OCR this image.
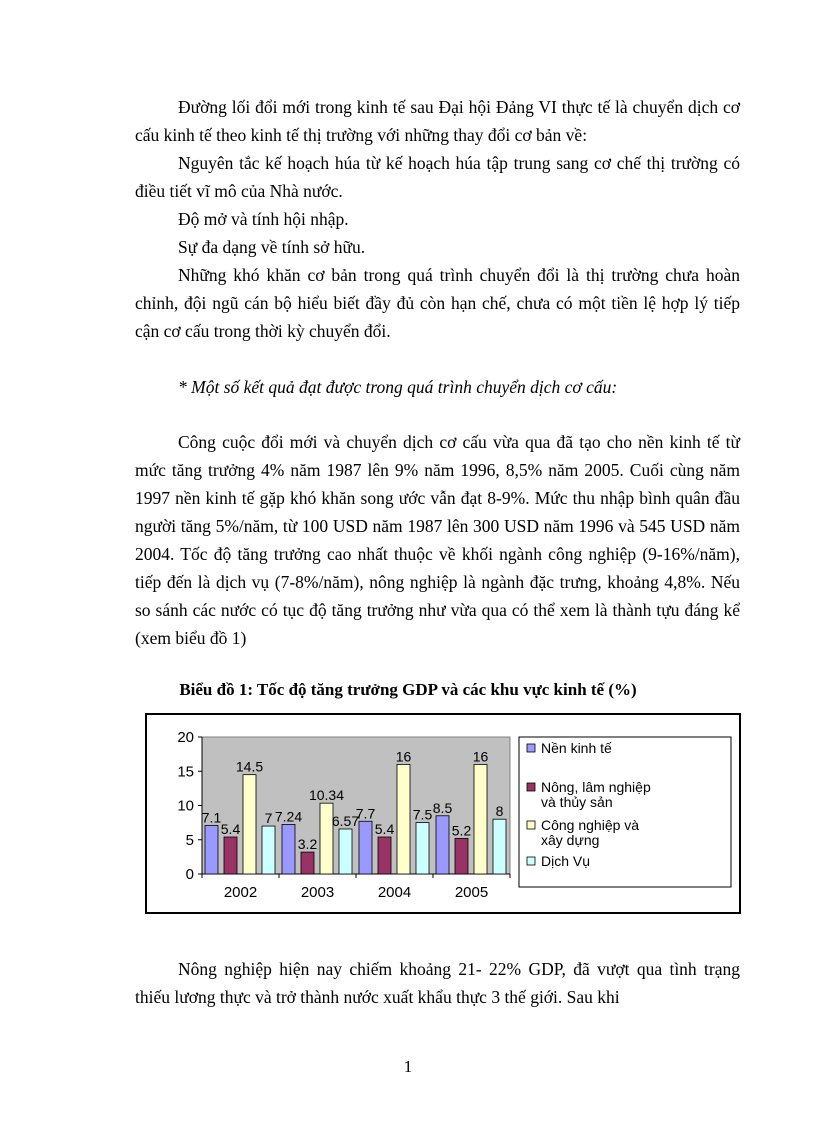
Đường lối đổi mới trong kinh tế sau Đại hội Đảng VI thực tế là chuyển dịch cơ cấu kinh tế theo kinh tế thị trường với những thay đổi cơ bản về:

Nguyên tắc kế hoạch húa từ kế hoạch húa tập trung sang cơ chế thị trường có điều tiết vĩ mô của Nhà nước.

Độ mở và tính hội nhập.

Sự đa dạng về tính sở hữu.

Những khó khăn cơ bản trong quá trình chuyển đổi là thị trường chưa hoàn chỉnh, đội ngũ cán bộ hiểu biết đầy đủ còn hạn chế, chưa có một tiền lệ hợp lý tiếp cận cơ cấu trong thời kỳ chuyển đổi.

* Một số kết quả đạt được trong quá trình chuyển dịch cơ cấu:

Công cuộc đổi mới và chuyển dịch cơ cấu vừa qua đã tạo cho nền kinh tế từ mức tăng trưởng 4% năm 1987 lên 9% năm 1996, 8,5% năm 2005. Cuối cùng năm 1997 nền kinh tế gặp khó khăn song ước vẫn đạt 8-9%. Mức thu nhập bình quân đầu người tăng 5%/năm, từ 100 USD năm 1987 lên 300 USD năm 1996 và 545 USD năm 2004. Tốc độ tăng trưởng cao nhất thuộc về khối ngành công nghiệp (9-16%/năm), tiếp đến là dịch vụ (7-8%/năm), nông nghiệp là ngành đặc trưng, khoảng 4,8%. Nếu so sánh các nước có tục độ tăng trưởng như vừa qua có thể xem là thành tựu đáng kể (xem biểu đồ 1)

Biểu đồ 1: Tốc độ tăng trưởng GDP và các khu vực kinh tế (%)
0
5
10
15
20
2002	2003	2004	2005
7.1	7.24	7.7	8.5
5.4
3.2
5.4	5.2
14.5
10.34
16	16
7	6.57	7.5	8
Nền kinh tế
Nông, lâm nghiệp và thủy sản
Công nghiệp và xây dựng
Dịch Vụ

Nông nghiệp hiện nay chiếm khoảng 21- 22% GDP, đã vượt qua tình trạng thiếu lương thực và trở thành nước xuất khẩu thực 3 thế giới. Sau khi

1
